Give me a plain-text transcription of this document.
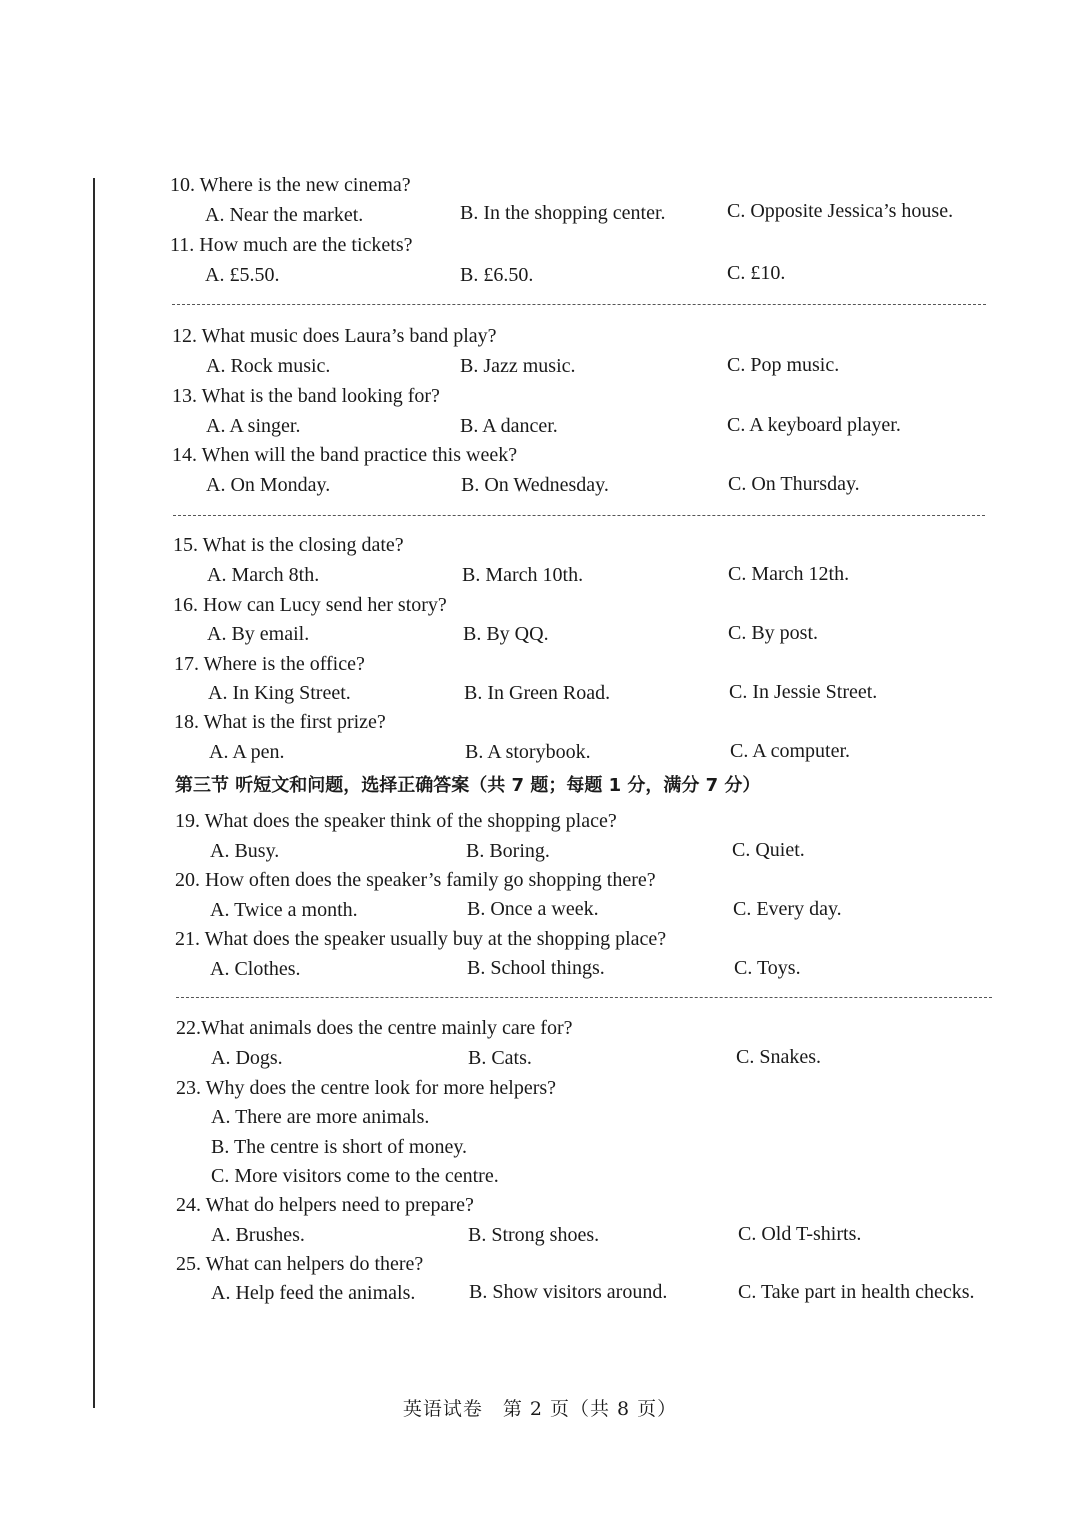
10. Where is the new cinema?
A. Near the market.	B. In the shopping center.	C. Opposite Jessica’s house.
11. How much are the tickets?
A. £5.50.	B. £6.50.	C. £10.
12. What music does Laura’s band play?
A. Rock music.	B. Jazz music.	C. Pop music.
13. What is the band looking for?
A. A singer.	B. A dancer.	C. A keyboard player.
14. When will the band practice this week?
A. On Monday.	B. On Wednesday.	C. On Thursday.
15. What is the closing date?
A. March 8th.	B. March 10th.	C. March 12th.
16. How can Lucy send her story?
A. By email.	B. By QQ.	C. By post.
17. Where is the office?
A. In King Street.	B. In Green Road.	C. In Jessie Street.
18. What is the first prize?
A. A pen.	B. A storybook.	C. A computer.
第三节 听短文和问题，选择正确答案（共 7 题；每题 1 分，满分 7 分）
19. What does the speaker think of the shopping place?
A. Busy.	B. Boring.	C. Quiet.
20. How often does the speaker’s family go shopping there?
A. Twice a month.	B. Once a week.	C. Every day.
21. What does the speaker usually buy at the shopping place?
A. Clothes.	B. School things.	C. Toys.
22.What animals does the centre mainly care for?
A. Dogs.	B. Cats.	C. Snakes.
23. Why does the centre look for more helpers?
A. There are more animals.
B. The centre is short of money.
C. More visitors come to the centre.
24. What do helpers need to prepare?
A. Brushes.	B. Strong shoes.	C. Old T-shirts.
25. What can helpers do there?
A. Help feed the animals.	B. Show visitors around.	C. Take part in health checks.
英语试卷　第 2 页（共 8 页）
